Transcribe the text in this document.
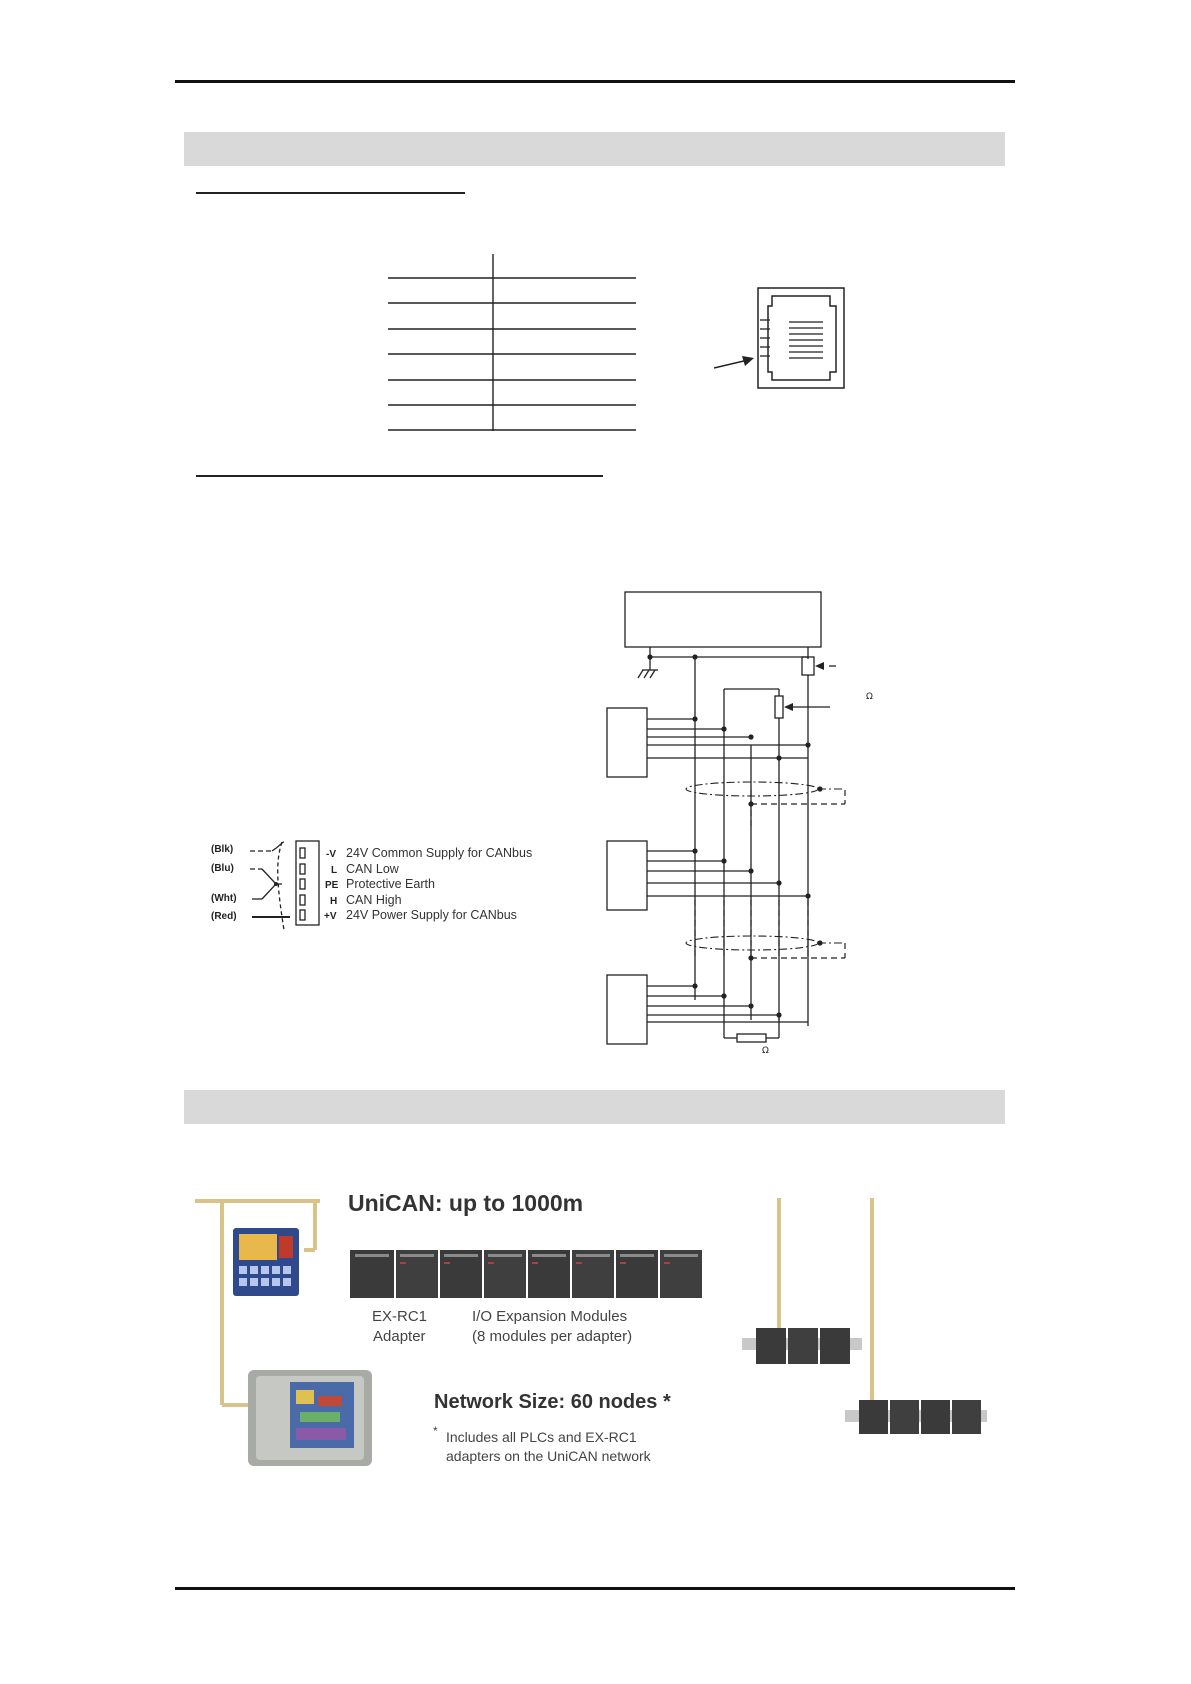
(Blk)
(Blu)
(Wht)
(Red)
-V
L
PE
H
+V
24V Common Supply for CANbus
CAN Low
Protective Earth
CAN High
24V Power Supply for CANbus
Ω
Ω
UniCAN: up to 1000m
EX-RC1
Adapter
I/O Expansion Modules
(8 modules per adapter)
Network Size: 60 nodes *
* Includes all PLCs and EX-RC1
adapters on the UniCAN network
